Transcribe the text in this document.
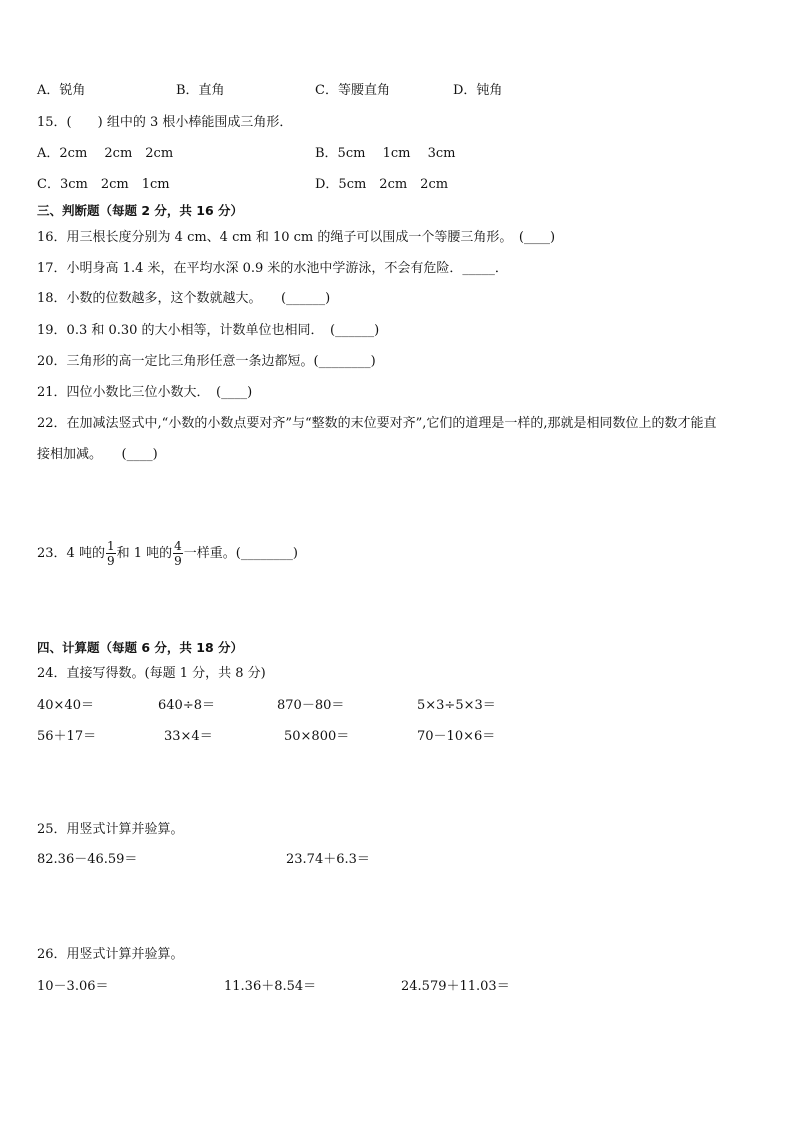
A．锐角	B．直角	C．等腰直角	D．钝角
15．(　　) 组中的 3 根小棒能围成三角形．
A．2cm　 2cm　2cm	B．5cm　 1cm　 3cm
C．3cm　2cm　1cm	D．5cm　2cm　2cm
三、判断题（每题 2 分，共 16 分）
16．用三根长度分别为 4 cm、4 cm 和 10 cm 的绳子可以围成一个等腰三角形。　(____)
17．小明身高 1.4 米，在平均水深 0.9 米的水池中学游泳，不会有危险．_____．
18．小数的位数越多，这个数就越大。　　(______)
19．0.3 和 0.30 的大小相等，计数单位也相同．　(______)
20．三角形的高一定比三角形任意一条边都短。(________)
21．四位小数比三位小数大．　(____)
22．在加减法竖式中,“小数的小数点要对齐”与“整数的末位要对齐”,它们的道理是一样的,那就是相同数位上的数才能直
接相加减。　　(____)
23．4 吨的 $\frac{1}{9}$ 和 1 吨的 $\frac{4}{9}$ 一样重。(________)
四、计算题（每题 6 分，共 18 分）
24．直接写得数。(每题 1 分，共 8 分)
40×40＝	640÷8＝	870－80＝	5×3÷5×3＝
56＋17＝	33×4＝	50×800＝	70－10×6＝
25．用竖式计算并验算。
82.36－46.59＝	23.74＋6.3＝
26．用竖式计算并验算。
10－3.06＝	11.36＋8.54＝	24.579＋11.03＝
